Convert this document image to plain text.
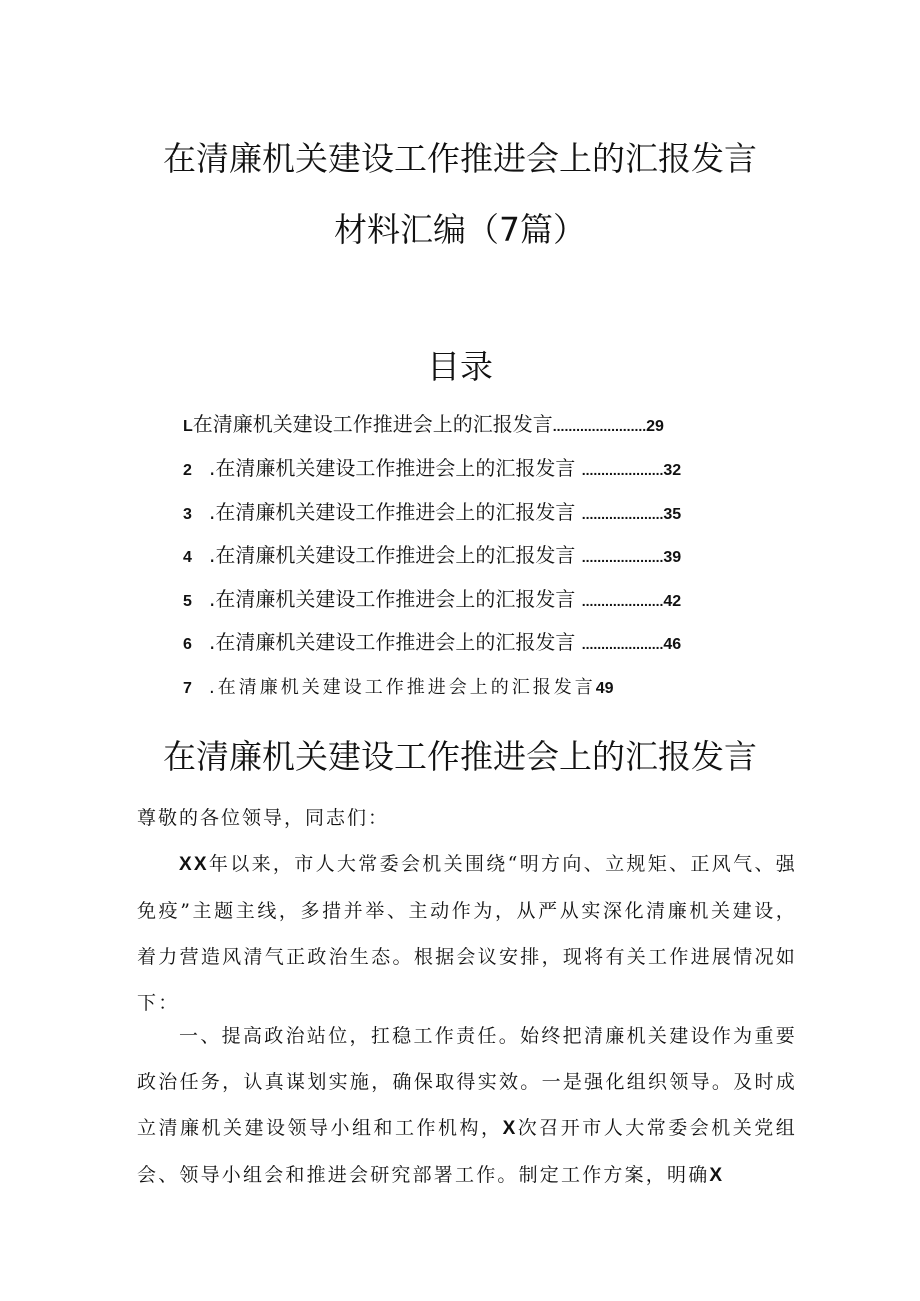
在清廉机关建设工作推进会上的汇报发言
材料汇编（7篇）
目录
L在清廉机关建设工作推进会上的汇报发言........................29
2 .在清廉机关建设工作推进会上的汇报发言 .....................32
3 .在清廉机关建设工作推进会上的汇报发言 .....................35
4 .在清廉机关建设工作推进会上的汇报发言 .....................39
5 .在清廉机关建设工作推进会上的汇报发言 .....................42
6 .在清廉机关建设工作推进会上的汇报发言 .....................46
7 .在清廉机关建设工作推进会上的汇报发言49
在清廉机关建设工作推进会上的汇报发言
尊敬的各位领导，同志们：
XX年以来，市人大常委会机关围绕“明方向、立规矩、正风气、强免疫”主题主线，多措并举、主动作为，从严从实深化清廉机关建设，着力营造风清气正政治生态。根据会议安排，现将有关工作进展情况如下：
一、提高政治站位，扛稳工作责任。始终把清廉机关建设作为重要政治任务，认真谋划实施，确保取得实效。一是强化组织领导。及时成立清廉机关建设领导小组和工作机构，X次召开市人大常委会机关党组会、领导小组会和推进会研究部署工作。制定工作方案，明确X
